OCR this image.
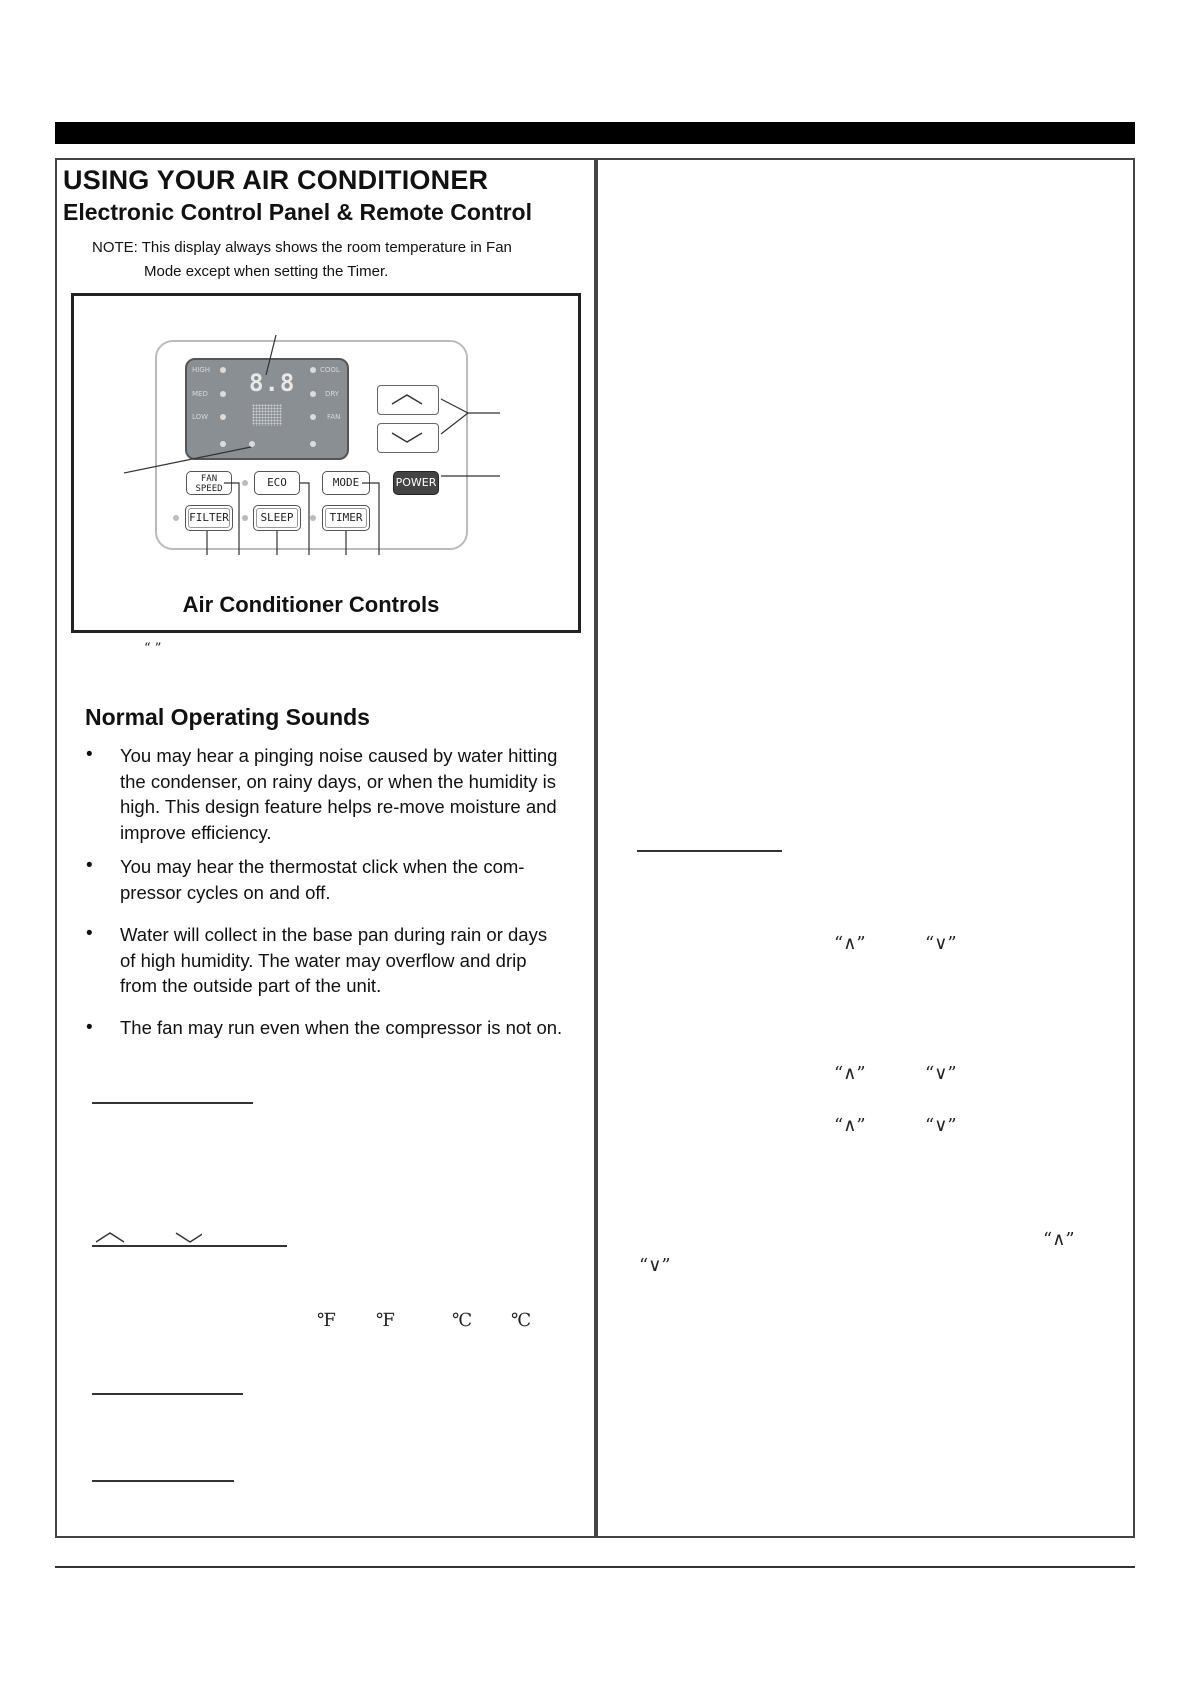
USING YOUR AIR CONDITIONER
Electronic Control Panel & Remote Control
NOTE: This display always shows the room temperature in Fan
Mode except when setting the Timer.
HIGH
MED
LOW
COOL
DRY
FAN
8.8
FAN
SPEED	ECO	MODE	POWER
FILTER	SLEEP	TIMER
Air Conditioner Controls
“ ”
Normal Operating Sounds
• You may hear a pinging noise caused by water hitting the condenser, on rainy days, or when the humidity is high. This design feature helps re-move moisture and improve efficiency.
• You may hear the thermostat click when the com-pressor cycles on and off.
• Water will collect in the base pan during rain or days of high humidity. The water may overflow and drip from the outside part of the unit.
• The fan may run even when the compressor is not on.
℉ ℉	℃ ℃
“∧”	“∨”
“∧”	“∨”
“∧”	“∨”
“∧”
“∨”
